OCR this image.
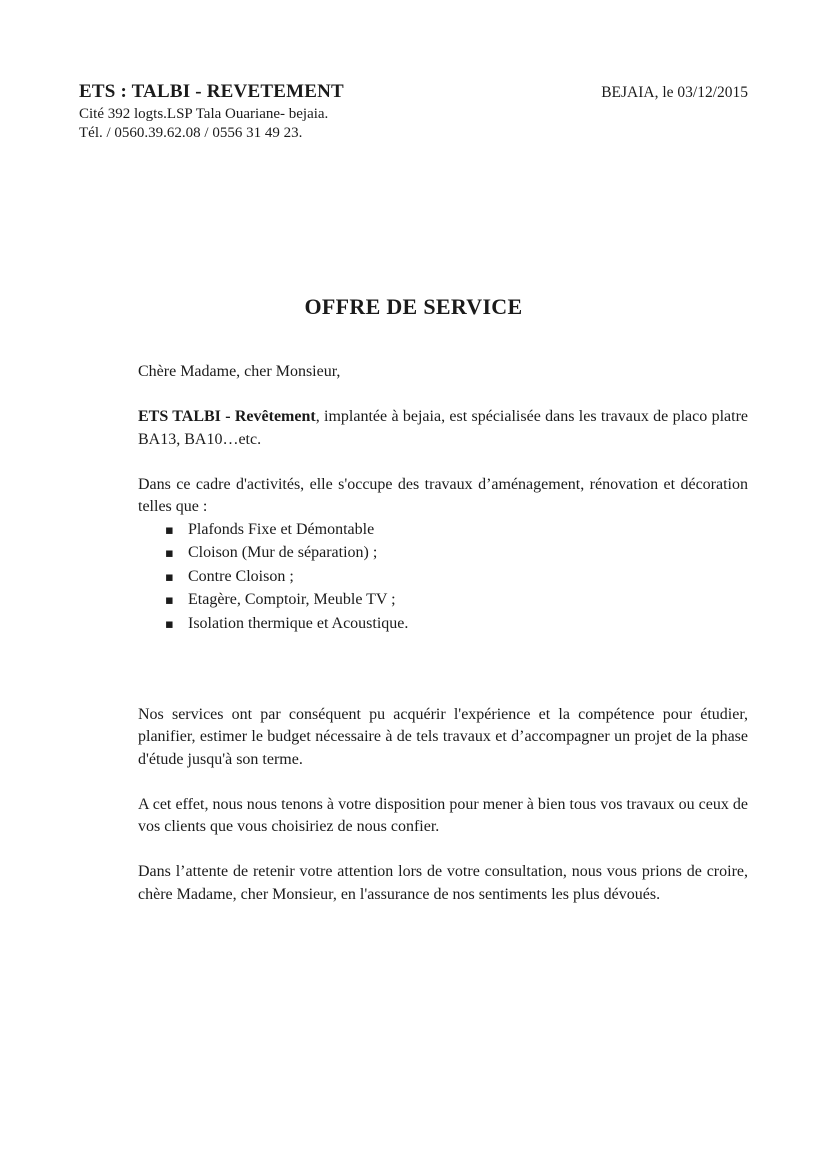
ETS : TALBI - REVETEMENT	BEJAIA, le 03/12/2015
Cité 392 logts.LSP Tala Ouariane- bejaia.
Tél. / 0560.39.62.08 / 0556 31 49 23.
OFFRE DE SERVICE

Chère Madame, cher Monsieur,

ETS TALBI - Revêtement, implantée à bejaia, est spécialisée dans les travaux de placo platre BA13, BA10…etc.

Dans ce cadre d'activités, elle s'occupe des travaux d’aménagement, rénovation et décoration telles que :

▪ Plafonds Fixe et Démontable
▪ Cloison (Mur de séparation) ;
▪ Contre Cloison ;
▪ Etagère, Comptoir, Meuble TV ;
▪ Isolation thermique et Acoustique.

Nos services ont par conséquent pu acquérir l'expérience et la compétence pour étudier, planifier, estimer le budget nécessaire à de tels travaux et d’accompagner un projet de la phase d'étude jusqu'à son terme.

A cet effet, nous nous tenons à votre disposition pour mener à bien tous vos travaux ou ceux de vos clients que vous choisiriez de nous confier.

Dans l’attente de retenir votre attention lors de votre consultation, nous vous prions de croire, chère Madame, cher Monsieur, en l'assurance de nos sentiments les plus dévoués.
